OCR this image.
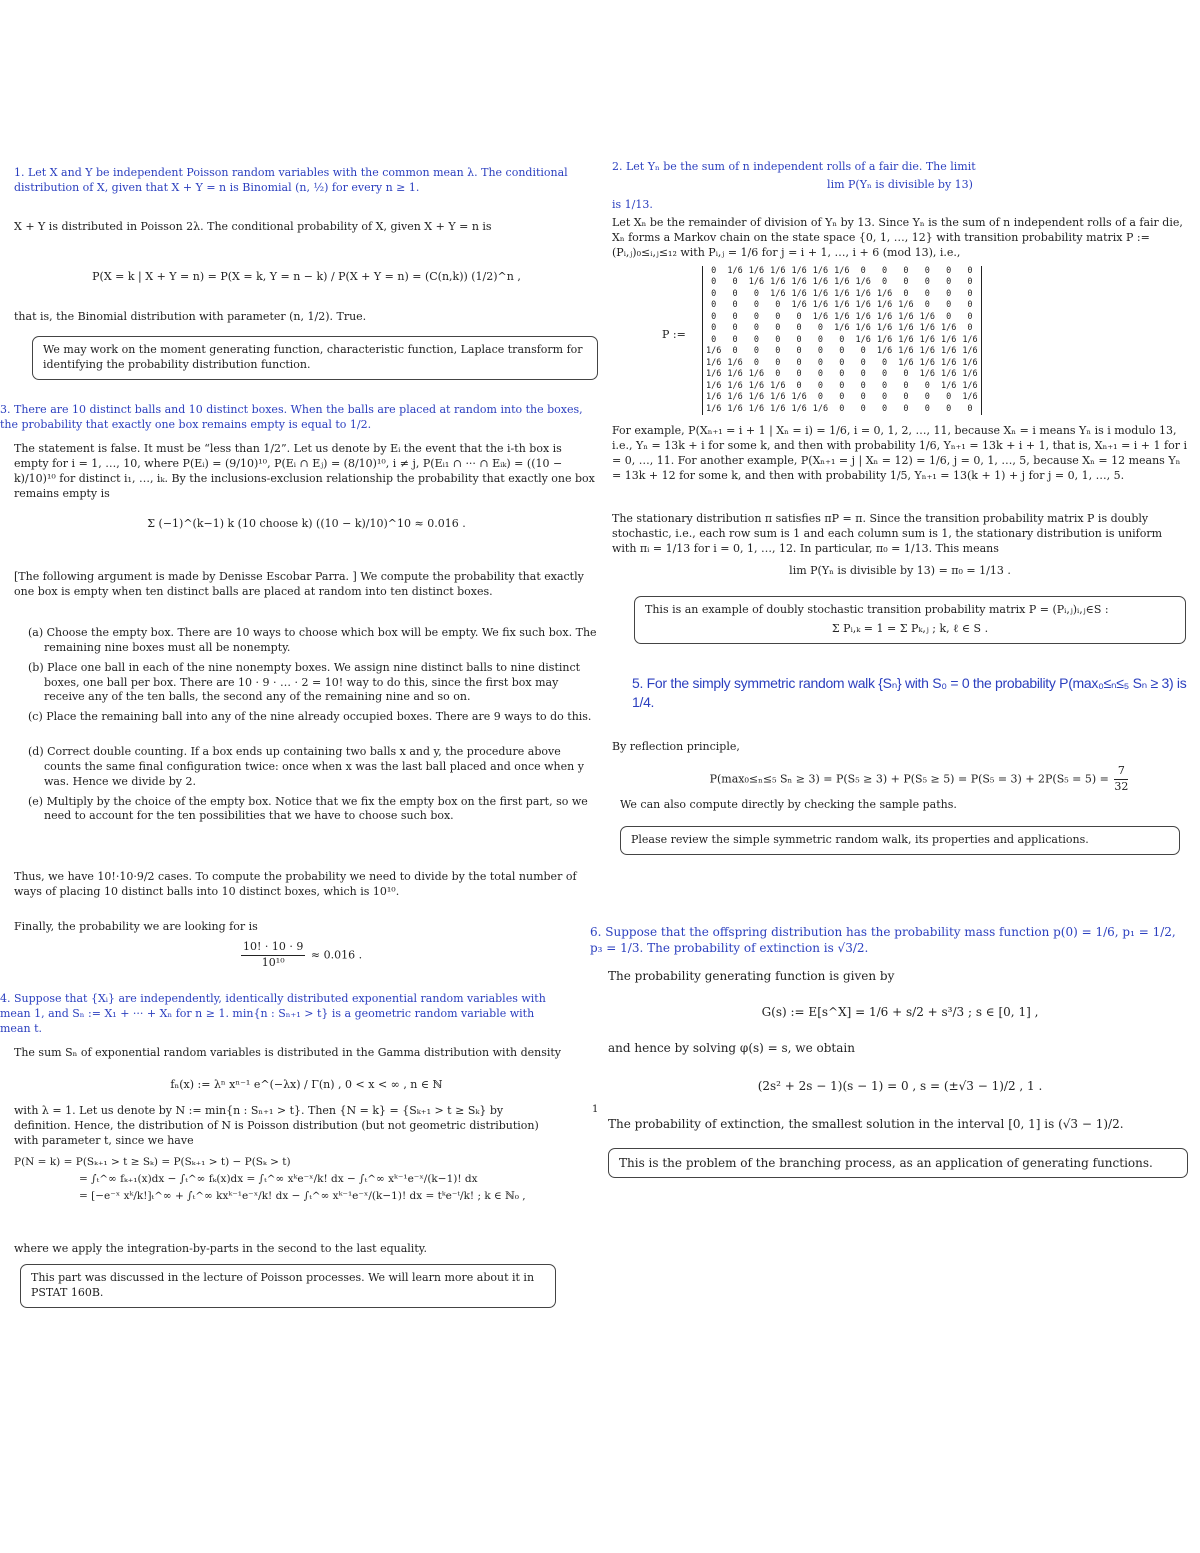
1. Let X and Y be independent Poisson random variables with the common mean λ. The conditional distribution of X, given that X + Y = n is Binomial (n, ½) for every n ≥ 1.
X + Y is distributed in Poisson 2λ. The conditional probability of X, given X + Y = n is
P(X = k | X + Y = n) = P(X = k, Y = n − k) / P(X + Y = n) = (C(n,k)) (1/2)^n ,
that is, the Binomial distribution with parameter (n, 1/2). True.
We may work on the moment generating function, characteristic function, Laplace transform for identifying the probability distribution function.
3. There are 10 distinct balls and 10 distinct boxes. When the balls are placed at random into the boxes, the probability that exactly one box remains empty is equal to 1/2.
The statement is false. It must be “less than 1/2”. Let us denote by Eᵢ the event that the i-th box is empty for i = 1, …, 10, where P(Eᵢ) = (9/10)¹⁰, P(Eᵢ ∩ Eⱼ) = (8/10)¹⁰, i ≠ j, P(Eᵢ₁ ∩ ··· ∩ Eᵢₖ) = ((10 − k)/10)¹⁰ for distinct i₁, …, iₖ. By the inclusions-exclusion relationship the probability that exactly one box remains empty is
Σ (−1)^(k−1) k (10 choose k) ((10 − k)/10)^10 ≈ 0.016 .
[The following argument is made by Denisse Escobar Parra. ] We compute the probability that exactly one box is empty when ten distinct balls are placed at random into ten distinct boxes.

(a) Choose the empty box. There are 10 ways to choose which box will be empty. We fix such box. The remaining nine boxes must all be nonempty.

(b) Place one ball in each of the nine nonempty boxes. We assign nine distinct balls to nine distinct boxes, one ball per box. There are 10 · 9 · … · 2 = 10! way to do this, since the first box may receive any of the ten balls, the second any of the remaining nine and so on.

(c) Place the remaining ball into any of the nine already occupied boxes. There are 9 ways to do this.

(d) Correct double counting. If a box ends up containing two balls x and y, the procedure above counts the same final configuration twice: once when x was the last ball placed and once when y was. Hence we divide by 2.

(e) Multiply by the choice of the empty box. Notice that we fix the empty box on the first part, so we need to account for the ten possibilities that we have to choose such box.

Thus, we have 10!·10·9/2 cases. To compute the probability we need to divide by the total number of ways of placing 10 distinct balls into 10 distinct boxes, which is 10¹⁰.
Finally, the probability we are looking for is
$\frac{10! \cdot 10 \cdot 9}{\text{10¹⁰}} \approx 0.016$ .
4. Suppose that {Xᵢ} are independently, identically distributed exponential random variables with mean 1, and Sₙ := X₁ + ··· + Xₙ for n ≥ 1. min{n : Sₙ₊₁ > t} is a geometric random variable with mean t.
The sum Sₙ of exponential random variables is distributed in the Gamma distribution with density
fₙ(x) := λⁿ xⁿ⁻¹ e^(−λx) / Γ(n) , 0 < x < ∞ , n ∈ ℕ
with λ = 1. Let us denote by N := min{n : Sₙ₊₁ > t}. Then {N = k} = {Sₖ₊₁ > t ≥ Sₖ} by definition. Hence, the distribution of N is Poisson distribution (but not geometric distribution) with parameter t, since we have
P(N = k) = P(Sₖ₊₁ > t ≥ Sₖ) = P(Sₖ₊₁ > t) − P(Sₖ > t)
= ∫ₜ^∞ fₖ₊₁(x)dx − ∫ₜ^∞ fₖ(x)dx = ∫ₜ^∞ xᵏe⁻ˣ/k! dx − ∫ₜ^∞ xᵏ⁻¹e⁻ˣ/(k−1)! dx
= [−e⁻ˣ xᵏ/k!]ₜ^∞ + ∫ₜ^∞ kxᵏ⁻¹e⁻ˣ/k! dx − ∫ₜ^∞ xᵏ⁻¹e⁻ˣ/(k−1)! dx = tᵏe⁻ᵗ/k! ; k ∈ ℕ₀ ,
where we apply the integration-by-parts in the second to the last equality.
This part was discussed in the lecture of Poisson processes. We will learn more about it in PSTAT 160B.
2. Let Yₙ be the sum of n independent rolls of a fair die. The limit
lim P(Yₙ is divisible by 13)
is 1/13.
Let Xₙ be the remainder of division of Yₙ by 13. Since Yₙ is the sum of n independent rolls of a fair die, Xₙ forms a Markov chain on the state space {0, 1, …, 12} with transition probability matrix P := (Pᵢ,ⱼ)₀≤ᵢ,ⱼ≤₁₂ with Pᵢ,ⱼ = 1/6 for j = i + 1, …, i + 6 (mod 13), i.e.,
P :=
0	1/6	1/6	1/6	1/6	1/6	1/6	0	0	0	0	0	0
0	0	1/6	1/6	1/6	1/6	1/6	1/6	0	0	0	0	0
0	0	0	1/6	1/6	1/6	1/6	1/6	1/6	0	0	0	0
0	0	0	0	1/6	1/6	1/6	1/6	1/6	1/6	0	0	0
0	0	0	0	0	1/6	1/6	1/6	1/6	1/6	1/6	0	0
0	0	0	0	0	0	1/6	1/6	1/6	1/6	1/6	1/6	0
0	0	0	0	0	0	0	1/6	1/6	1/6	1/6	1/6	1/6
1/6	0	0	0	0	0	0	0	1/6	1/6	1/6	1/6	1/6
1/6	1/6	0	0	0	0	0	0	0	1/6	1/6	1/6	1/6
1/6	1/6	1/6	0	0	0	0	0	0	0	1/6	1/6	1/6
1/6	1/6	1/6	1/6	0	0	0	0	0	0	0	1/6	1/6
1/6	1/6	1/6	1/6	1/6	0	0	0	0	0	0	0	1/6
1/6	1/6	1/6	1/6	1/6	1/6	0	0	0	0	0	0	0
For example, P(Xₙ₊₁ = i + 1 | Xₙ = i) = 1/6, i = 0, 1, 2, …, 11, because Xₙ = i means Yₙ is i modulo 13, i.e., Yₙ = 13k + i for some k, and then with probability 1/6, Yₙ₊₁ = 13k + i + 1, that is, Xₙ₊₁ = i + 1 for i = 0, …, 11. For another example, P(Xₙ₊₁ = j | Xₙ = 12) = 1/6, j = 0, 1, …, 5, because Xₙ = 12 means Yₙ = 13k + 12 for some k, and then with probability 1/5, Yₙ₊₁ = 13(k + 1) + j for j = 0, 1, …, 5.
The stationary distribution π satisfies πP = π. Since the transition probability matrix P is doubly stochastic, i.e., each row sum is 1 and each column sum is 1, the stationary distribution is uniform with πᵢ = 1/13 for i = 0, 1, …, 12. In particular, π₀ = 1/13. This means
lim P(Yₙ is divisible by 13) = π₀ = 1/13 .
This is an example of doubly stochastic transition probability matrix P = (Pᵢ,ⱼ)ᵢ,ⱼ∈S :
Σ Pᵢ,ₖ = 1 = Σ Pₖ,ⱼ ; k, ℓ ∈ S .
5. For the simply symmetric random walk {Sₙ} with S₀ = 0 the probability P(max₀≤ₙ≤₅ Sₙ ≥ 3) is 1/4.
By reflection principle,
P(max₀≤ₙ≤₅ $S_n \ge 3) = P(S_5 \ge 3) + P(S_5 \ge 5) = P(S_5 = 3) + 2P(S_5 = 5) = \frac{7}{32}$
We can also compute directly by checking the sample paths.
Please review the simple symmetric random walk, its properties and applications.
6. Suppose that the offspring distribution has the probability mass function p(0) = 1/6, p₁ = 1/2, p₃ = 1/3. The probability of extinction is √3/2.
The probability generating function is given by
G(s) := E[s^X] = 1/6 + s/2 + s³/3 ; s ∈ [0, 1] ,
and hence by solving φ(s) = s, we obtain
(2s² + 2s − 1)(s − 1) = 0 , s = (±√3 − 1)/2 , 1 .
The probability of extinction, the smallest solution in the interval [0, 1] is (√3 − 1)/2.
This is the problem of the branching process, as an application of generating functions.
1
